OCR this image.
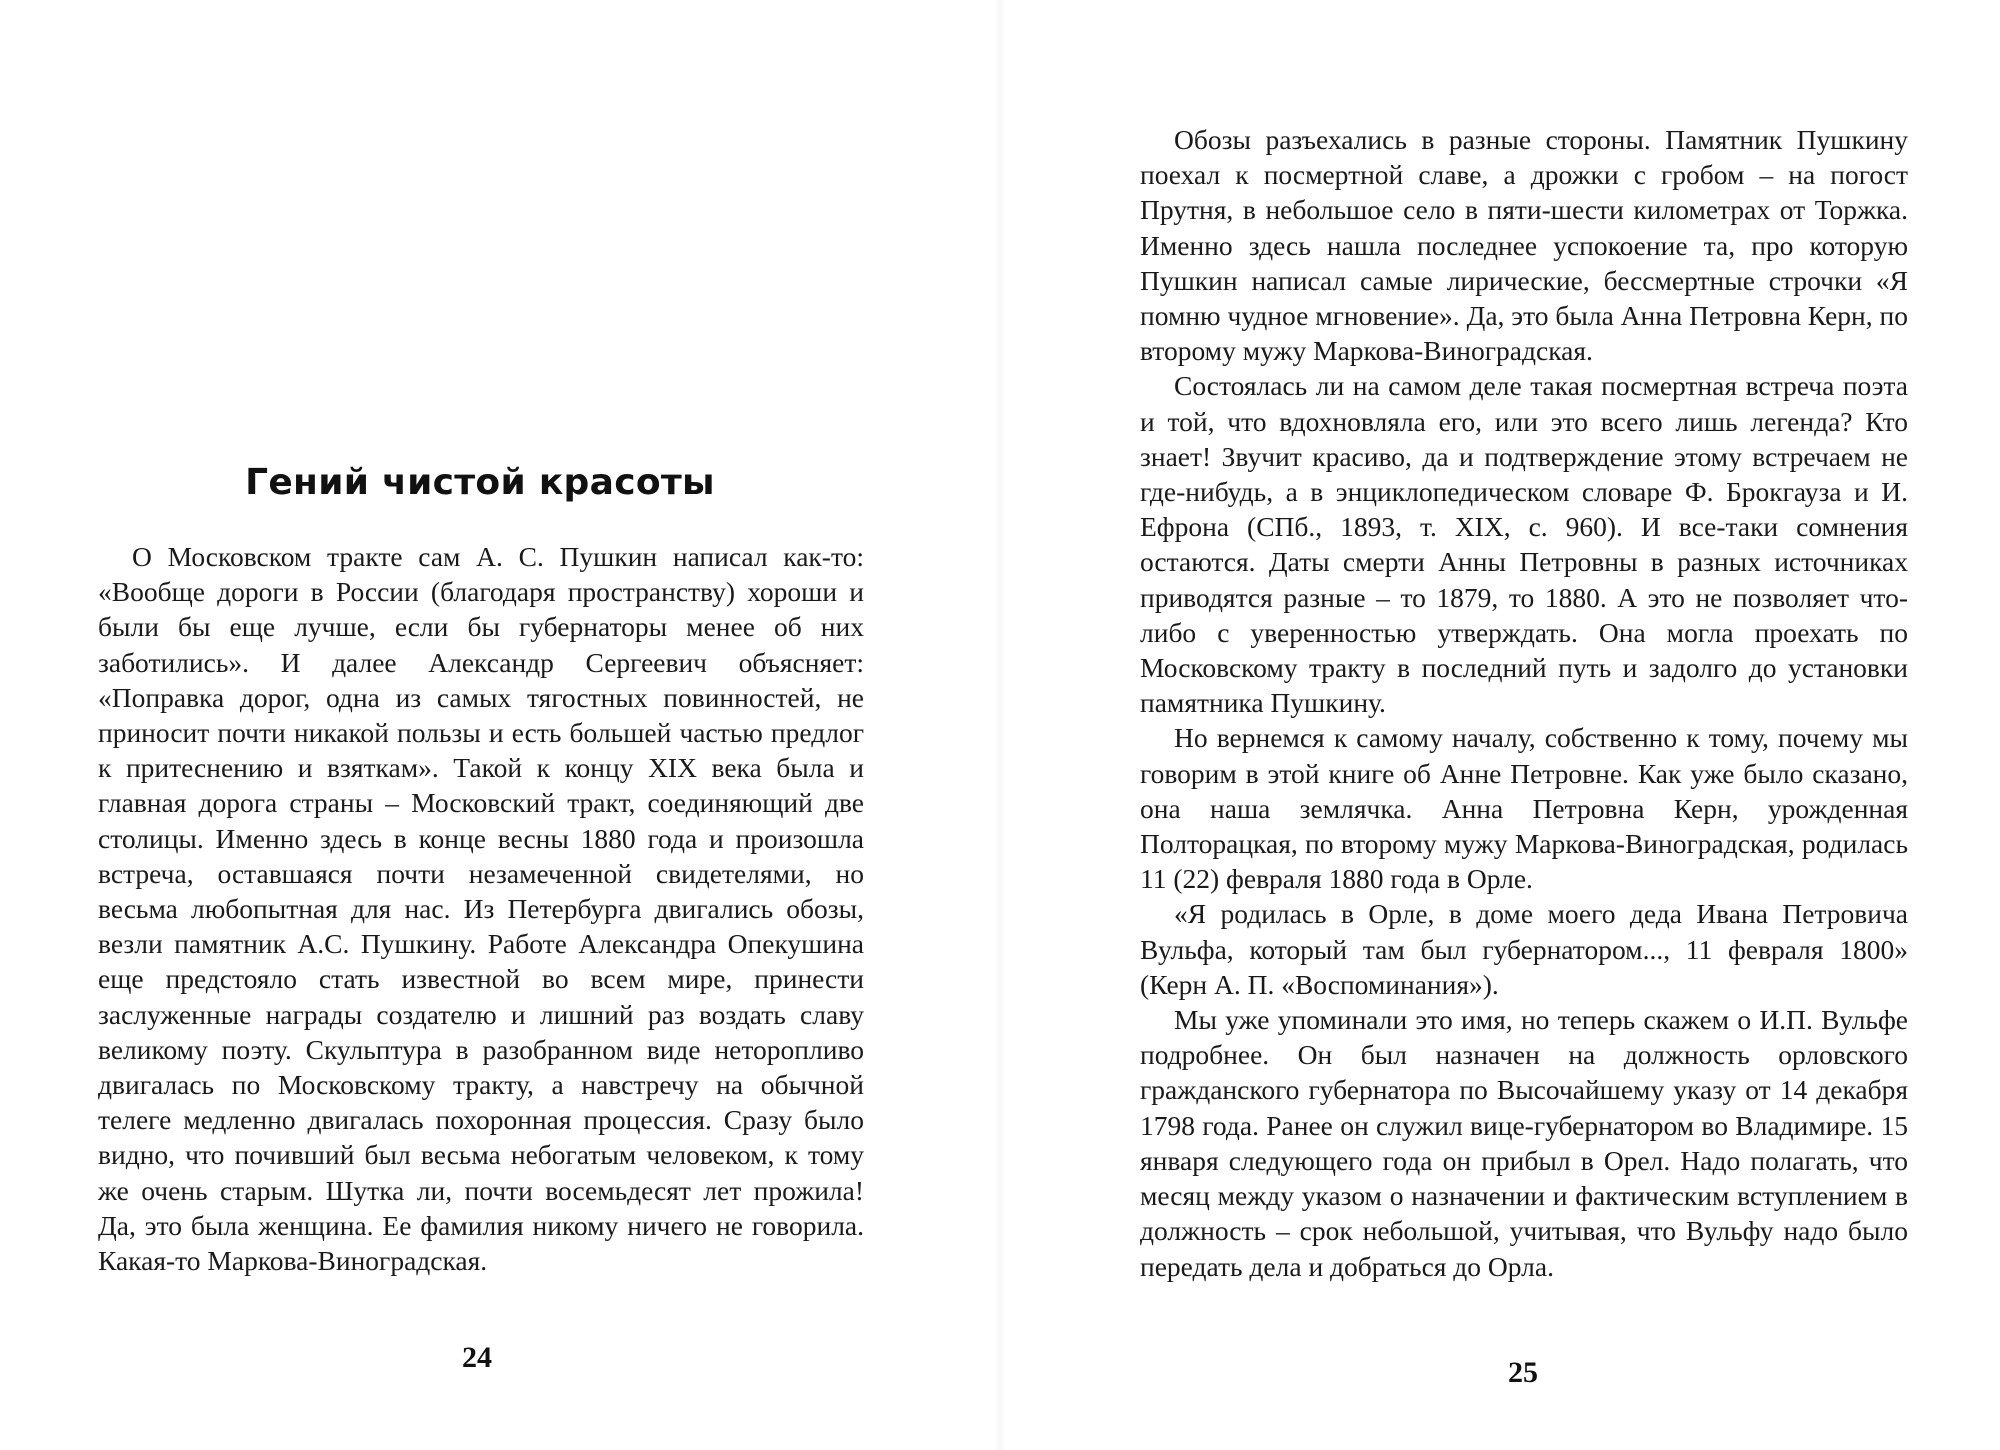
Гений чистой красоты

О Московском тракте сам А. С. Пушкин написал как-то: «Вообще дороги в России (благодаря пространству) хороши и были бы еще лучше, если бы губернаторы менее об них заботились». И далее Александр Сергеевич объясняет: «Поправка дорог, одна из самых тягостных повинностей, не приносит почти никакой пользы и есть большей частью предлог к притеснению и взяткам». Такой к концу XIX века была и главная дорога страны – Московский тракт, соединяющий две столицы. Именно здесь в конце весны 1880 года и произошла встреча, оставшаяся почти незамеченной свидетелями, но весьма любопытная для нас. Из Петербурга двигались обозы, везли памятник А.С. Пушкину. Работе Александра Опекушина еще предстояло стать известной во всем мире, принести заслуженные награды создателю и лишний раз воздать славу великому поэту. Скульптура в разобранном виде неторопливо двигалась по Московскому тракту, а навстречу на обычной телеге медленно двигалась похоронная процессия. Сразу было видно, что почивший был весьма небогатым человеком, к тому же очень старым. Шутка ли, почти восемьдесят лет прожила! Да, это была женщина. Ее фамилия никому ничего не говорила. Какая-то Маркова-Виноградская.

24

Обозы разъехались в разные стороны. Памятник Пушкину поехал к посмертной славе, а дрожки с гробом – на погост Прутня, в небольшое село в пяти-шести километрах от Торжка. Именно здесь нашла последнее успокоение та, про которую Пушкин написал самые лирические, бессмертные строчки «Я помню чудное мгновение». Да, это была Анна Петровна Керн, по второму мужу Маркова-Виноградская.

Состоялась ли на самом деле такая посмертная встреча поэта и той, что вдохновляла его, или это всего лишь легенда? Кто знает! Звучит красиво, да и подтверждение этому встречаем не где-нибудь, а в энциклопедическом словаре Ф. Брокгауза и И. Ефрона (СПб., 1893, т. XIX, с. 960). И все-таки сомнения остаются. Даты смерти Анны Петровны в разных источниках приводятся разные – то 1879, то 1880. А это не позволяет что-либо с уверенностью утверждать. Она могла проехать по Московскому тракту в последний путь и задолго до установки памятника Пушкину.

Но вернемся к самому началу, собственно к тому, почему мы говорим в этой книге об Анне Петровне. Как уже было сказано, она наша землячка. Анна Петровна Керн, урожденная Полторацкая, по второму мужу Маркова-Виноградская, родилась 11 (22) февраля 1880 года в Орле.

«Я родилась в Орле, в доме моего деда Ивана Петровича Вульфа, который там был губернатором..., 11 февраля 1800» (Керн А. П. «Воспоминания»).

Мы уже упоминали это имя, но теперь скажем о И.П. Вульфе подробнее. Он был назначен на должность орловского гражданского губернатора по Высочайшему указу от 14 декабря 1798 года. Ранее он служил вице-губернатором во Владимире. 15 января следующего года он прибыл в Орел. Надо полагать, что месяц между указом о назначении и фактическим вступлением в должность – срок небольшой, учитывая, что Вульфу надо было передать дела и добраться до Орла.

25
